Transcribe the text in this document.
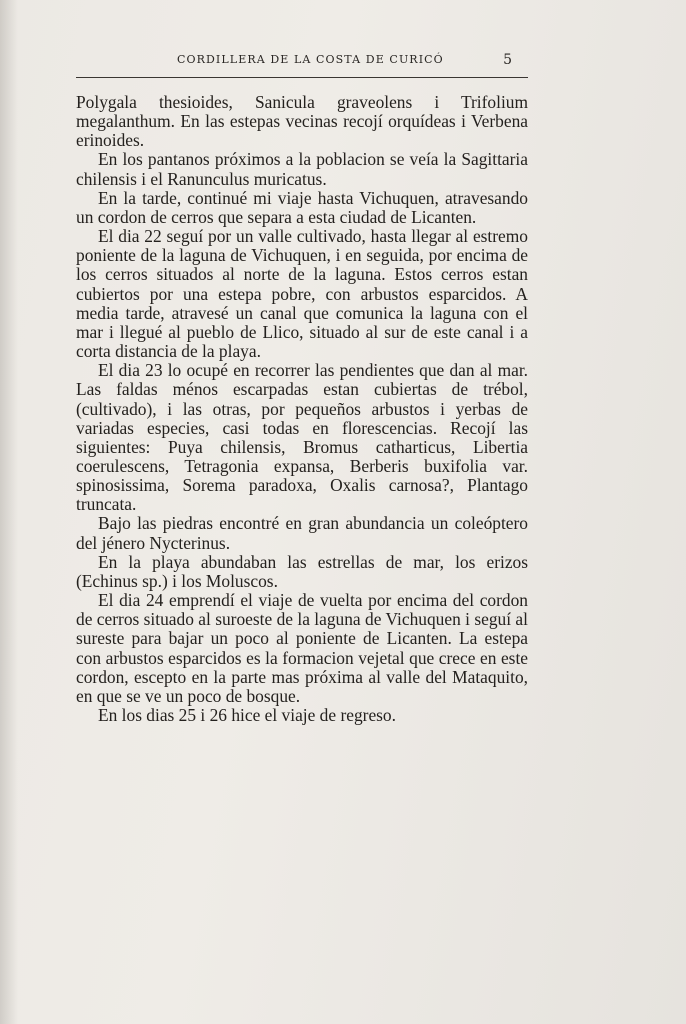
CORDILLERA DE LA COSTA DE CURICÓ	5

Polygala thesioides, Sanicula graveolens i Trifolium megalanthum. En las estepas vecinas recojí orquídeas i Verbena erinoides.

En los pantanos próximos a la poblacion se veía la Sagittaria chilensis i el Ranunculus muricatus.

En la tarde, continué mi viaje hasta Vichuquen, atravesando un cordon de cerros que separa a esta ciudad de Licanten.

El dia 22 seguí por un valle cultivado, hasta llegar al estremo poniente de la laguna de Vichuquen, i en seguida, por encima de los cerros situados al norte de la laguna. Estos cerros estan cubiertos por una estepa pobre, con arbustos esparcidos. A media tarde, atravesé un canal que comunica la laguna con el mar i llegué al pueblo de Llico, situado al sur de este canal i a corta distancia de la playa.

El dia 23 lo ocupé en recorrer las pendientes que dan al mar. Las faldas ménos escarpadas estan cubiertas de trébol, (cultivado), i las otras, por pequeños arbustos i yerbas de variadas especies, casi todas en florescencias. Recojí las siguientes: Puya chilensis, Bromus catharticus, Libertia coerulescens, Tetragonia expansa, Berberis buxifolia var. spinosissima, Sorema paradoxa, Oxalis carnosa?, Plantago truncata.

Bajo las piedras encontré en gran abundancia un coleóptero del jénero Nycterinus.

En la playa abundaban las estrellas de mar, los erizos (Echinus sp.) i los Moluscos.

El dia 24 emprendí el viaje de vuelta por encima del cordon de cerros situado al suroeste de la laguna de Vichuquen i seguí al sureste para bajar un poco al poniente de Licanten. La estepa con arbustos esparcidos es la formacion vejetal que crece en este cordon, escepto en la parte mas próxima al valle del Mataquito, en que se ve un poco de bosque.

En los dias 25 i 26 hice el viaje de regreso.
